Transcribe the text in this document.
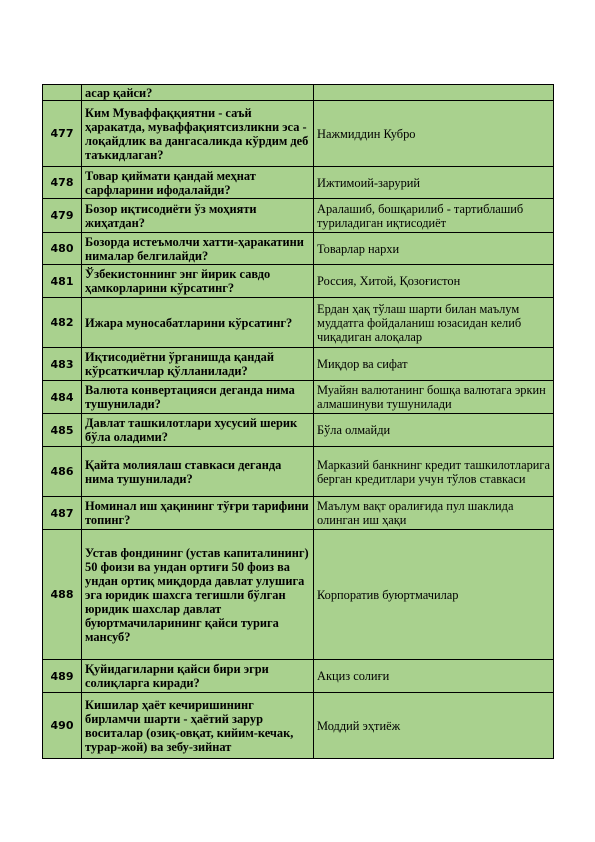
	асар қайси?	
477	Ким Муваффаққиятни - саъй ҳаракатда, муваффақиятсизликни эса - лоқайдлик ва дангасаликда кўрдим деб таъкидлаган?	Нажмиддин Кубро
478	Товар қиймати қандай меҳнат сарфларини ифодалайди?	Ижтимоий-зарурий
479	Бозор иқтисодиёти ўз моҳияти жиҳатдан?	Аралашиб, бошқарилиб - тартиблашиб туриладиган иқтисодиёт
480	Бозорда истеъмолчи хатти-ҳаракатини нималар белгилайди?	Товарлар нархи
481	Ўзбекистоннинг энг йирик савдо ҳамкорларини кўрсатинг?	Россия, Хитой, Қозоғистон
482	Ижара муносабатларини кўрсатинг?	Ердан ҳақ тўлаш шарти билан маълум муддатга фойдаланиш юзасидан келиб чиқадиган алоқалар
483	Иқтисодиётни ўрганишда қандай кўрсаткичлар қўлланилади?	Миқдор ва сифат
484	Валюта конвертацияси деганда нима тушунилади?	Муайян валютанинг бошқа валютага эркин алмашинуви тушунилади
485	Давлат ташкилотлари хусусий шерик бўла оладими?	Бўла олмайди
486	Қайта молиялаш ставкаси деганда нима тушунилади?	Марказий банкнинг кредит ташкилотларига берган кредитлари учун тўлов ставкаси
487	Номинал иш ҳақининг тўғри тарифини топинг?	Маълум вақт оралиғида пул шаклида олинган иш ҳақи
488	Устав фондининг (устав капиталининг) 50 фоизи ва ундан ортиғи 50 фоиз ва ундан ортиқ миқдорда давлат улушига эга юридик шахсга тегишли бўлган юридик шахслар давлат буюртмачиларининг қайси турига мансуб?	Корпоратив буюртмачилар
489	Қуйидагиларни қайси бири эгри солиқларга киради?	Акциз солиғи
490	Кишилар ҳаёт кечиришининг бирламчи шарти - ҳаётий зарур воситалар (озиқ-овқат, кийим-кечак, турар-жой) ва зебу-зийнат	Моддий эҳтиёж
